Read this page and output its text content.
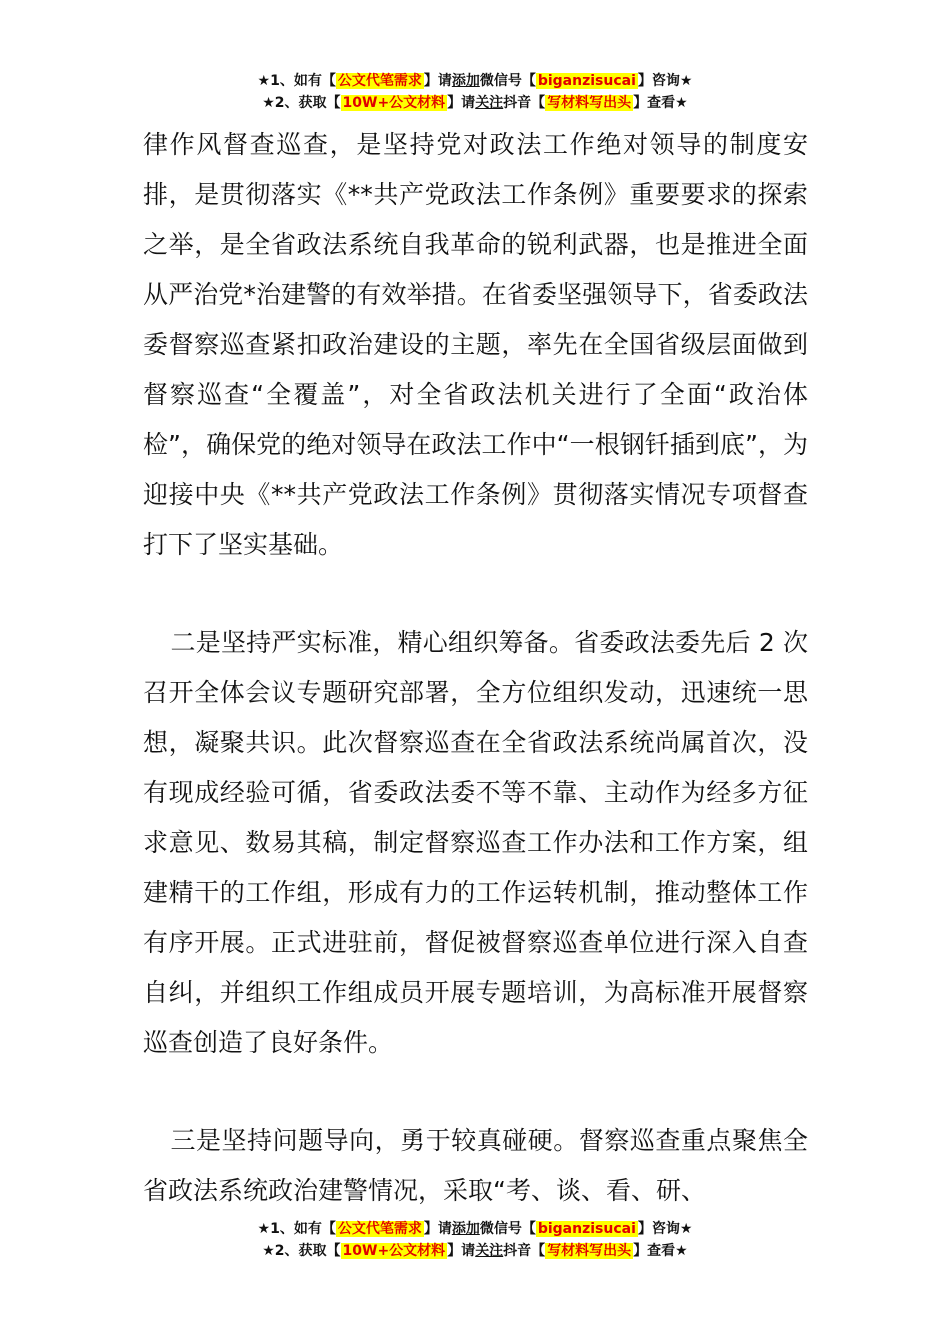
★1、如有【 公文代笔需求 】请添加微信号【 biganzisucai 】咨询★
★2、获取【 10W+公文材料 】请关注抖音【 写材料写出头 】查看★

律作风督查巡查，是坚持党对政法工作绝对领导的制度安排，是贯彻落实《**共产党政法工作条例》重要要求的探索之举，是全省政法系统自我革命的锐利武器，也是推进全面从严治党*治建警的有效举措。在省委坚强领导下，省委政法委督察巡查紧扣政治建设的主题，率先在全国省级层面做到督察巡查“全覆盖”，对全省政法机关进行了全面“政治体检”，确保党的绝对领导在政法工作中“一根钢钎插到底”，为迎接中央《**共产党政法工作条例》贯彻落实情况专项督查打下了坚实基础。

二是坚持严实标准，精心组织筹备。省委政法委先后 2 次召开全体会议专题研究部署，全方位组织发动，迅速统一思想，凝聚共识。此次督察巡查在全省政法系统尚属首次，没有现成经验可循，省委政法委不等不靠、主动作为经多方征求意见、数易其稿，制定督察巡查工作办法和工作方案，组建精干的工作组，形成有力的工作运转机制，推动整体工作有序开展。正式进驻前，督促被督察巡查单位进行深入自查自纠，并组织工作组成员开展专题培训，为高标准开展督察巡查创造了良好条件。

三是坚持问题导向，勇于较真碰硬。督察巡查重点聚焦全省政法系统政治建警情况，采取“考、谈、看、研、

★1、如有【 公文代笔需求 】请添加微信号【 biganzisucai 】咨询★
★2、获取【 10W+公文材料 】请关注抖音【 写材料写出头 】查看★
